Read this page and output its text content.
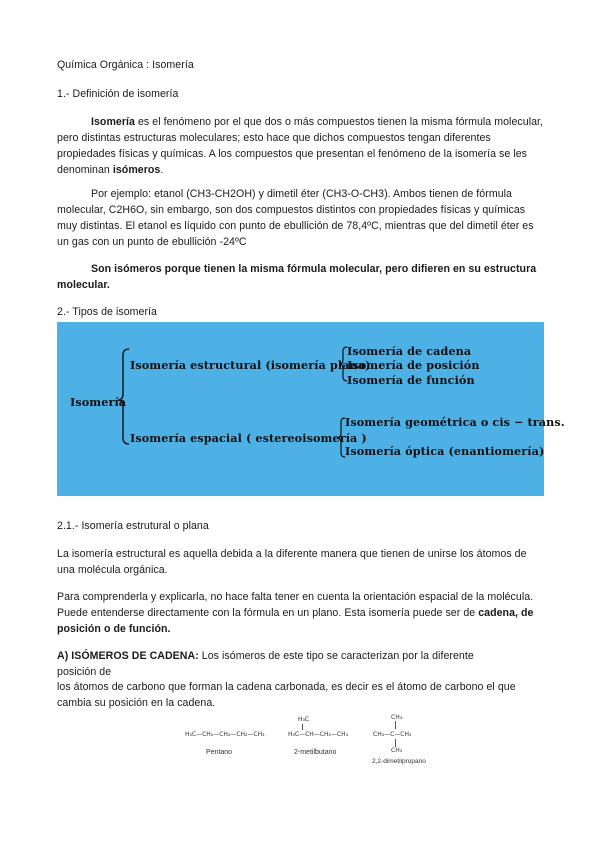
Química Orgánica : Isomería
1.- Definición de isomería
Isomería es el fenómeno por el que dos o más compuestos tienen la misma fórmula molecular, pero distintas estructuras moleculares; esto hace que dichos compuestos tengan diferentes propiedades físicas y químicas. A los compuestos que presentan el fenómeno de la isomería se les denominan isómeros.
Por ejemplo: etanol (CH3-CH2OH) y dimetil éter (CH3-O-CH3). Ambos tienen de fórmula molecular, C2H6O, sin embargo, son dos compuestos distintos con propiedades físicas y químicas muy distintas. El etanol es líquido con punto de ebullición de 78,4ºC, mientras que del dimetil éter es un gas con un punto de ebullición -24ºC
Son isómeros porque tienen la misma fórmula molecular, pero difieren en su estructura molecular.
2.- Tipos de isomería
Isomería
Isomería estructural (isomería plana)
Isomería de cadena
Isomería de posición
Isomería de función
Isomería espacial ( estereoisomería )
Isomería geométrica o cis − trans.
Isomería óptica (enantiomería)
2.1.- Isomería estrutural o plana
La isomería estructural es aquella debida a la diferente manera que tienen de unirse los átomos de una molécula orgánica.
Para comprenderla y explicarla, no hace falta tener en cuenta la orientación espacial de la molécula. Puede entenderse directamente con la fórmula en un plano. Esta isomería puede ser de cadena, de posición o de función.
A) ISÓMEROS DE CADENA: Los isómeros de este tipo se caracterizan por la diferente posición de
los átomos de carbono que forman la cadena carbonada, es decir es el átomo de carbono el que cambia su posición en la cadena.
H₃C—CH₂—CH₂—CH₂—CH₃
Pentano
H₃C
H₃C—CH—CH₂—CH₃
2-metilbutano
CH₃
CH₃—C—CH₃
CH₃
2,2-dimetilpropano
